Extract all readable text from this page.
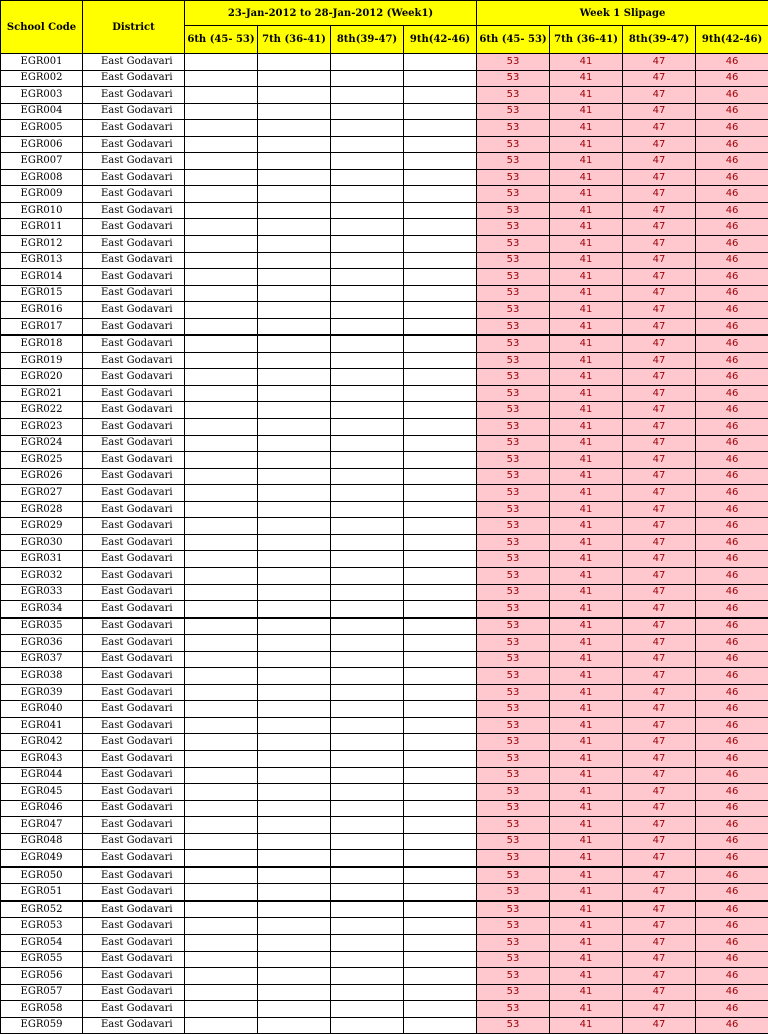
School Code	District	23-Jan-2012 to 28-Jan-2012 (Week1)				Week 1 Slipage			
		6th (45- 53)	7th (36-41)	8th(39-47)	9th(42-46)	6th (45- 53)	7th (36-41)	8th(39-47)	9th(42-46)
EGR001	East Godavari					53	41	47	46
EGR002	East Godavari					53	41	47	46
EGR003	East Godavari					53	41	47	46
EGR004	East Godavari					53	41	47	46
EGR005	East Godavari					53	41	47	46
EGR006	East Godavari					53	41	47	46
EGR007	East Godavari					53	41	47	46
EGR008	East Godavari					53	41	47	46
EGR009	East Godavari					53	41	47	46
EGR010	East Godavari					53	41	47	46
EGR011	East Godavari					53	41	47	46
EGR012	East Godavari					53	41	47	46
EGR013	East Godavari					53	41	47	46
EGR014	East Godavari					53	41	47	46
EGR015	East Godavari					53	41	47	46
EGR016	East Godavari					53	41	47	46
EGR017	East Godavari					53	41	47	46
EGR018	East Godavari					53	41	47	46
EGR019	East Godavari					53	41	47	46
EGR020	East Godavari					53	41	47	46
EGR021	East Godavari					53	41	47	46
EGR022	East Godavari					53	41	47	46
EGR023	East Godavari					53	41	47	46
EGR024	East Godavari					53	41	47	46
EGR025	East Godavari					53	41	47	46
EGR026	East Godavari					53	41	47	46
EGR027	East Godavari					53	41	47	46
EGR028	East Godavari					53	41	47	46
EGR029	East Godavari					53	41	47	46
EGR030	East Godavari					53	41	47	46
EGR031	East Godavari					53	41	47	46
EGR032	East Godavari					53	41	47	46
EGR033	East Godavari					53	41	47	46
EGR034	East Godavari					53	41	47	46
EGR035	East Godavari					53	41	47	46
EGR036	East Godavari					53	41	47	46
EGR037	East Godavari					53	41	47	46
EGR038	East Godavari					53	41	47	46
EGR039	East Godavari					53	41	47	46
EGR040	East Godavari					53	41	47	46
EGR041	East Godavari					53	41	47	46
EGR042	East Godavari					53	41	47	46
EGR043	East Godavari					53	41	47	46
EGR044	East Godavari					53	41	47	46
EGR045	East Godavari					53	41	47	46
EGR046	East Godavari					53	41	47	46
EGR047	East Godavari					53	41	47	46
EGR048	East Godavari					53	41	47	46
EGR049	East Godavari					53	41	47	46
EGR050	East Godavari					53	41	47	46
EGR051	East Godavari					53	41	47	46
EGR052	East Godavari					53	41	47	46
EGR053	East Godavari					53	41	47	46
EGR054	East Godavari					53	41	47	46
EGR055	East Godavari					53	41	47	46
EGR056	East Godavari					53	41	47	46
EGR057	East Godavari					53	41	47	46
EGR058	East Godavari					53	41	47	46
EGR059	East Godavari					53	41	47	46
